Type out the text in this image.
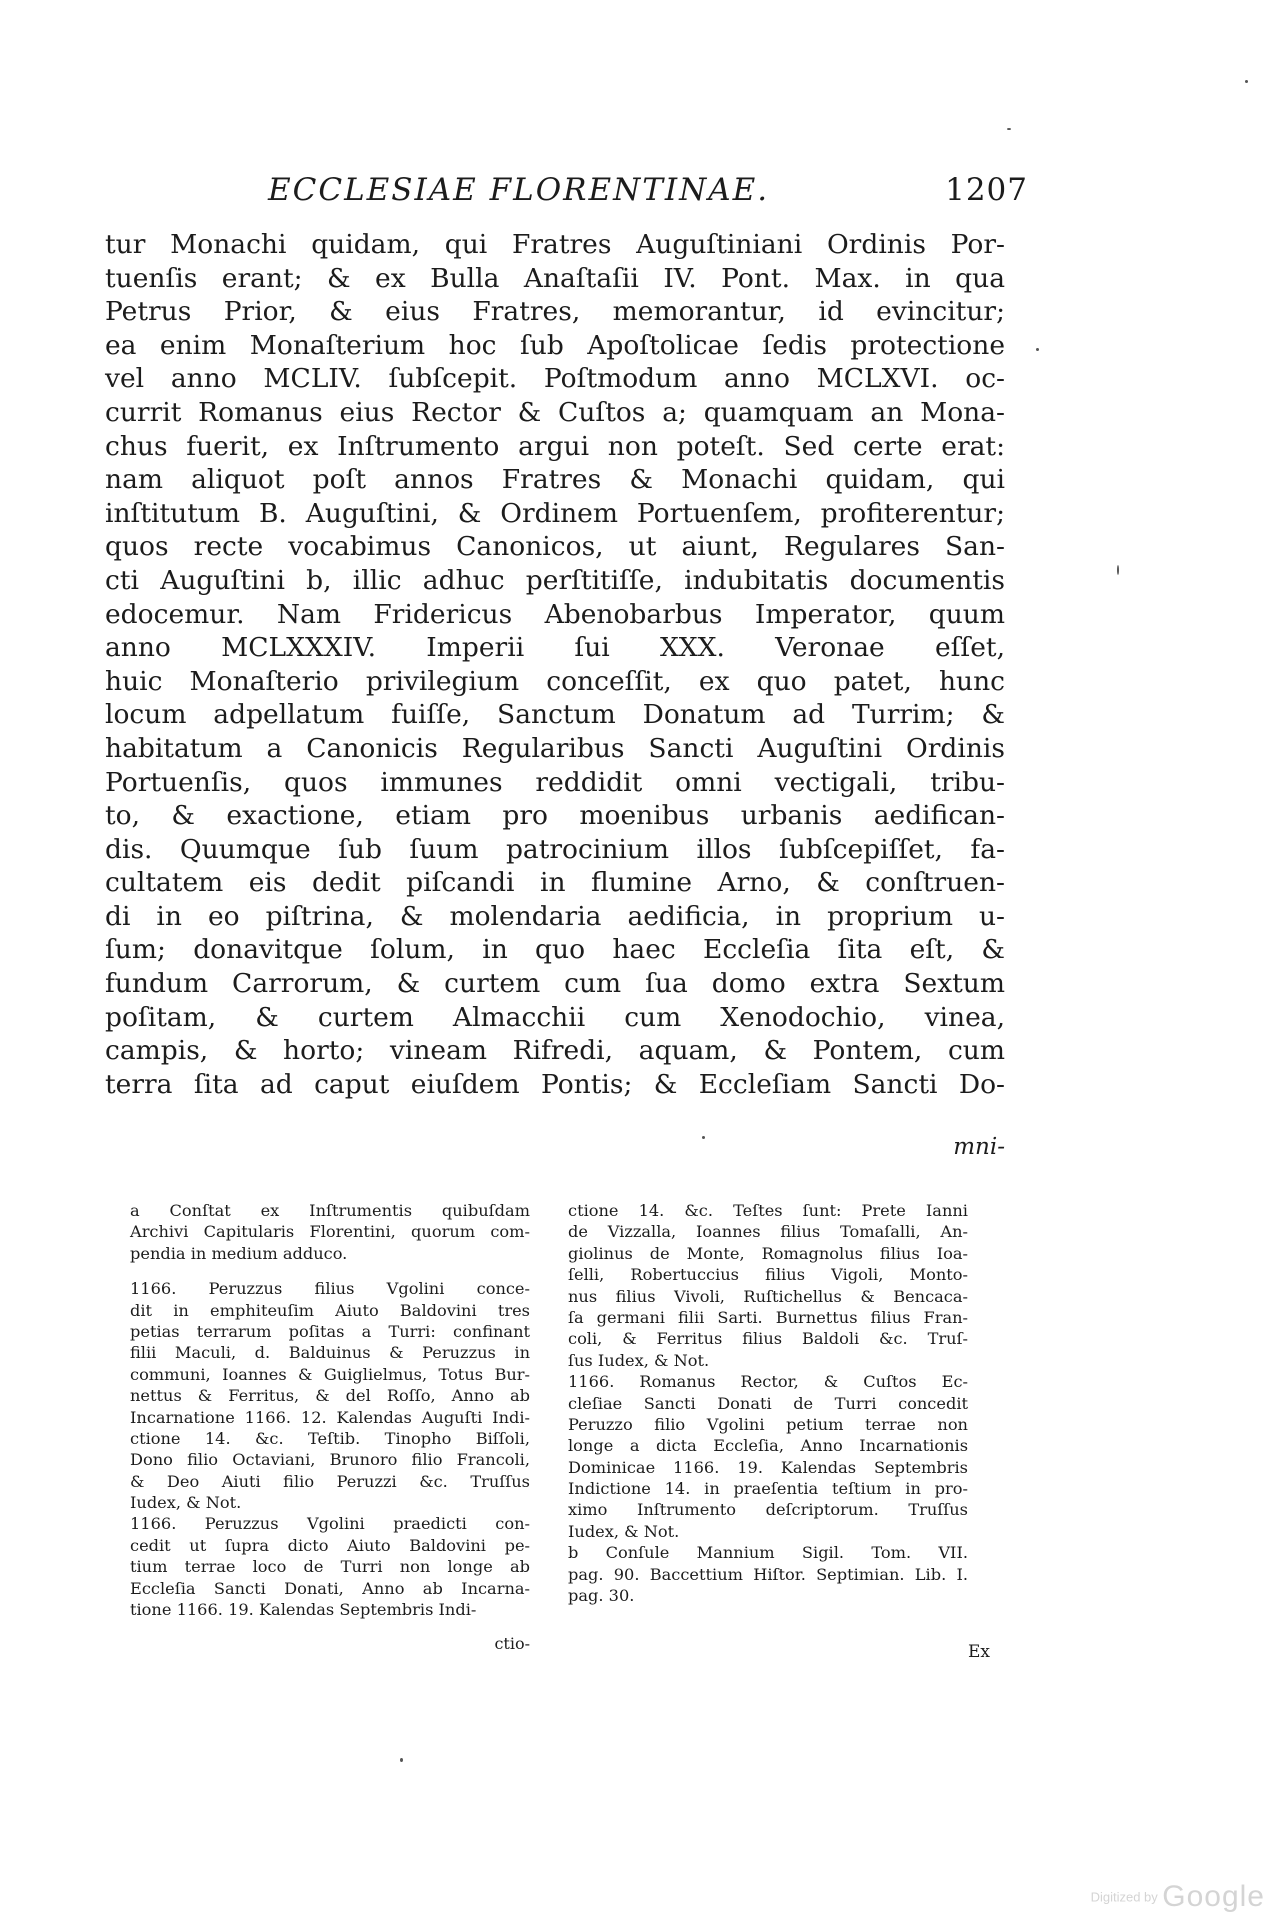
ECCLESIAE FLORENTINAE.	1207
tur Monachi quidam, qui Fratres Auguſtiniani Ordinis Por-
tuenſis erant; & ex Bulla Anaſtaſii IV. Pont. Max. in qua
Petrus Prior, & eius Fratres, memorantur, id evincitur;
ea enim Monaſterium hoc ſub Apoſtolicae ſedis protectione
vel anno MCLIV. ſubſcepit. Poſtmodum anno MCLXVI. oc-
currit Romanus eius Rector & Cuſtos a; quamquam an Mona-
chus fuerit, ex Inſtrumento argui non poteſt. Sed certe erat:
nam aliquot poſt annos Fratres & Monachi quidam, qui
inſtitutum B. Auguſtini, & Ordinem Portuenſem, profiterentur;
quos recte vocabimus Canonicos, ut aiunt, Regulares San-
cti Auguſtini b, illic adhuc perſtitiſſe, indubitatis documentis
edocemur. Nam Fridericus Abenobarbus Imperator, quum
anno MCLXXXIV. Imperii ſui XXX. Veronae eſſet,
huic Monaſterio privilegium conceſſit, ex quo patet, hunc
locum adpellatum fuiſſe, Sanctum Donatum ad Turrim; &
habitatum a Canonicis Regularibus Sancti Auguſtini Ordinis
Portuenſis, quos immunes reddidit omni vectigali, tribu-
to, & exactione, etiam pro moenibus urbanis aedifican-
dis. Quumque ſub ſuum patrocinium illos ſubſcepiſſet, fa-
cultatem eis dedit piſcandi in flumine Arno, & conſtruen-
di in eo piſtrina, & molendaria aedificia, in proprium u-
ſum; donavitque ſolum, in quo haec Eccleſia ſita eſt, &
fundum Carrorum, & curtem cum ſua domo extra Sextum
poſitam, & curtem Almacchii cum Xenodochio, vinea,
campis, & horto; vineam Rifredi, aquam, & Pontem, cum
terra ſita ad caput eiuſdem Pontis; & Eccleſiam Sancti Do-
mni-
a Conſtat ex Inſtrumentis quibuſdam
Archivi Capitularis Florentini, quorum com-
pendia in medium adduco.
1166. Peruzzus filius Vgolini conce-
dit in emphiteuſim Aiuto Baldovini tres
petias terrarum poſitas a Turri: confinant
filii Maculi, d. Balduinus & Peruzzus in
communi, Ioannes & Guiglielmus, Totus Bur-
nettus & Ferritus, & del Roſſo, Anno ab
Incarnatione 1166. 12. Kalendas Auguſti Indi-
ctione 14. &c. Teſtib. Tinopho Biſſoli,
Dono filio Octaviani, Brunoro filio Francoli,
& Deo Aiuti filio Peruzzi &c. Truſſus
Iudex, & Not.
1166. Peruzzus Vgolini praedicti con-
cedit ut ſupra dicto Aiuto Baldovini pe-
tium terrae loco de Turri non longe ab
Eccleſia Sancti Donati, Anno ab Incarna-
tione 1166. 19. Kalendas Septembris Indi-
ctio-
ctione 14. &c. Teſtes ſunt: Prete Ianni
de Vizzalla, Ioannes filius Tomaſalli, An-
giolinus de Monte, Romagnolus filius Ioa-
ſelli, Robertuccius filius Vigoli, Monto-
nus filius Vivoli, Ruſtichellus & Bencaca-
ſa germani filii Sarti. Burnettus filius Fran-
coli, & Ferritus filius Baldoli &c. Truſ-
ſus Iudex, & Not.
1166. Romanus Rector, & Cuſtos Ec-
cleſiae Sancti Donati de Turri concedit
Peruzzo filio Vgolini petium terrae non
longe a dicta Eccleſia, Anno Incarnationis
Dominicae 1166. 19. Kalendas Septembris
Indictione 14. in praeſentia teſtium in pro-
ximo Inſtrumento deſcriptorum. Truſſus
Iudex, & Not.
b Conſule Mannium Sigil. Tom. VII.
pag. 90. Baccettium Hiſtor. Septimian. Lib. I.
pag. 30.
Ex
Digitized by Google
